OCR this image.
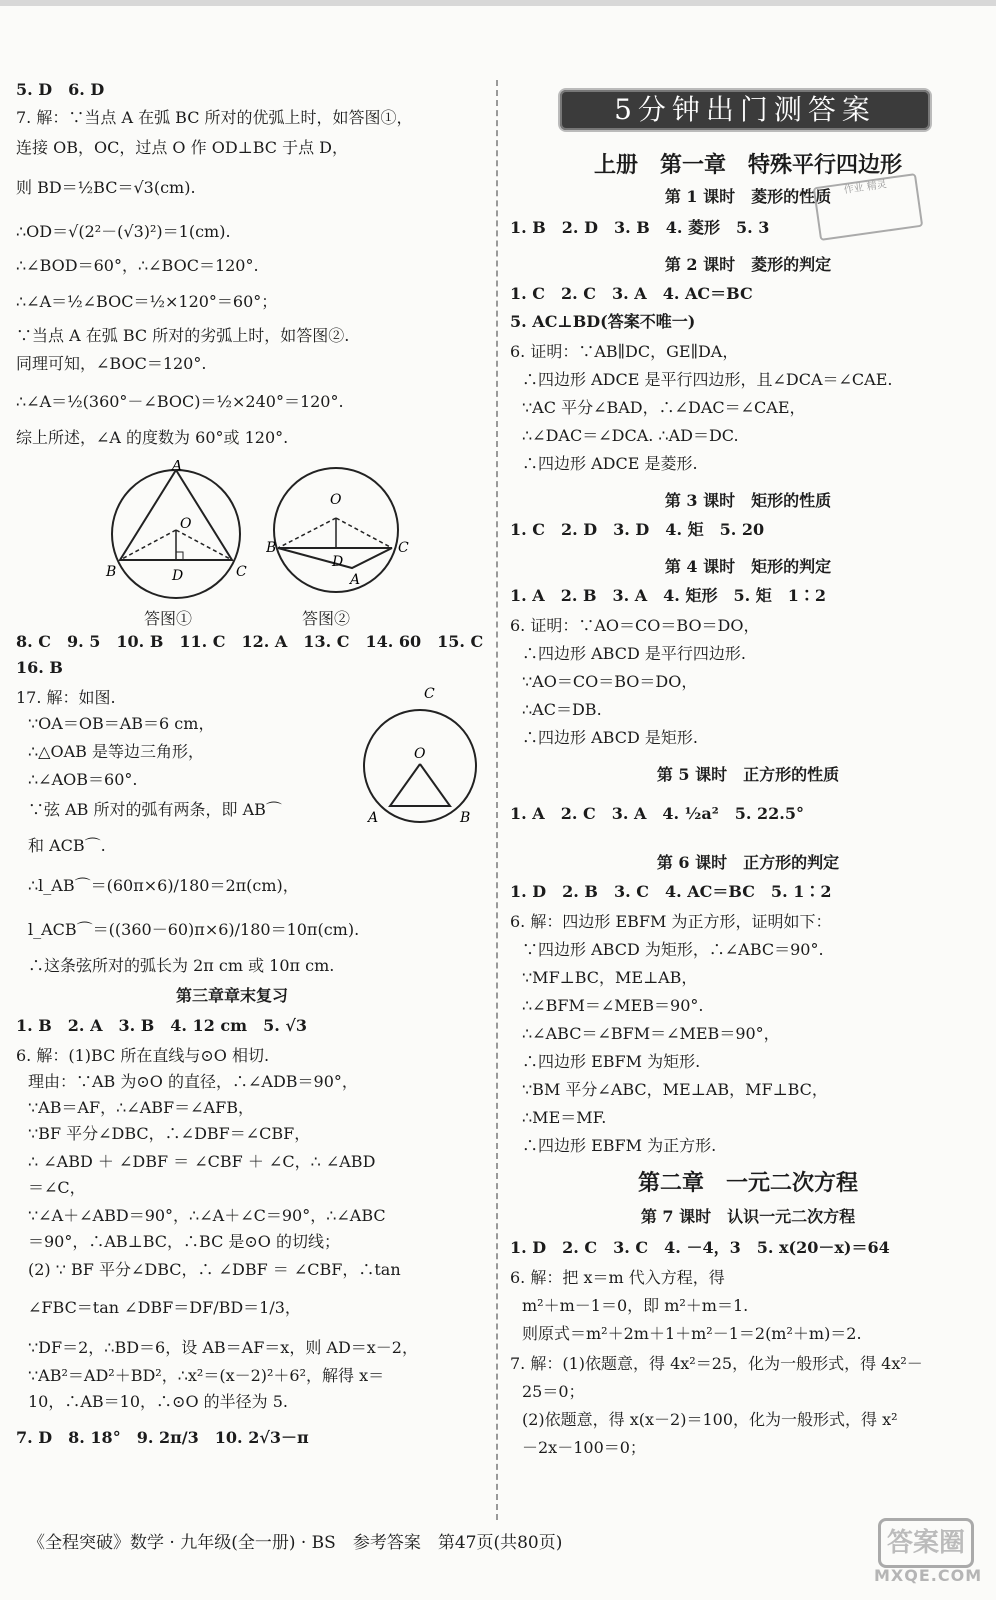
5. D　6. D
7. 解：∵当点 A 在弧 BC 所对的优弧上时，如答图①，
连接 OB，OC，过点 O 作 OD⊥BC 于点 D，
则 BD＝½BC＝√3(cm).
∴OD＝√(2²－(√3)²)＝1(cm).
∴∠BOD＝60°，∴∠BOC＝120°.
∴∠A＝½∠BOC＝½×120°＝60°；
∵当点 A 在弧 BC 所对的劣弧上时，如答图②.
同理可知，∠BOC＝120°.
∴∠A＝½(360°－∠BOC)＝½×240°＝120°.
综上所述，∠A 的度数为 60°或 120°.
A
B	C
O
D
答图①
O
B	C
D
A
答图②
8. C　9. 5　10. B　11. C　12. A　13. C　14. 60　15. C
16. B
17. 解：如图.
∵OA＝OB＝AB＝6 cm，
∴△OAB 是等边三角形，
∴∠AOB＝60°.
∵弦 AB 所对的弧有两条，即 AB⌒
和 ACB⌒.
∴l_AB⌒＝(60π×6)/180＝2π(cm)，
l_ACB⌒＝((360－60)π×6)/180＝10π(cm).
∴这条弦所对的弧长为 2π cm 或 10π cm.
C
O
A	B
第三章章末复习
1. B　2. A　3. B　4. 12 cm　5. √3
6. 解：(1)BC 所在直线与⊙O 相切.
理由：∵AB 为⊙O 的直径，∴∠ADB＝90°，
∵AB＝AF，∴∠ABF＝∠AFB，
∵BF 平分∠DBC，∴∠DBF＝∠CBF，
∴ ∠ABD ＋ ∠DBF ＝ ∠CBF ＋ ∠C，∴ ∠ABD
＝∠C，
∵∠A＋∠ABD＝90°，∴∠A＋∠C＝90°，∴∠ABC
＝90°，∴AB⊥BC，∴BC 是⊙O 的切线；
(2) ∵ BF 平分∠DBC，∴ ∠DBF ＝ ∠CBF，∴tan
∠FBC＝tan ∠DBF＝DF/BD＝1/3，
∵DF＝2，∴BD＝6，设 AB＝AF＝x，则 AD＝x－2，
∵AB²＝AD²＋BD²，∴x²＝(x－2)²＋6²，解得 x＝
10，∴AB＝10，∴⊙O 的半径为 5.
7. D　8. 18°　9. 2π/3　10. 2√3－π
5分钟出门测答案
上册　第一章　特殊平行四边形
第 1 课时　菱形的性质
1. B　2. D　3. B　4. 菱形　5. 3
第 2 课时　菱形的判定
1. C　2. C　3. A　4. AC＝BC
5. AC⊥BD(答案不唯一)
6. 证明：∵AB∥DC，GE∥DA，
∴四边形 ADCE 是平行四边形，且∠DCA＝∠CAE.
∵AC 平分∠BAD，∴∠DAC＝∠CAE，
∴∠DAC＝∠DCA. ∴AD＝DC.
∴四边形 ADCE 是菱形.
第 3 课时　矩形的性质
1. C　2. D　3. D　4. 矩　5. 20
第 4 课时　矩形的判定
1. A　2. B　3. A　4. 矩形　5. 矩　1∶2
6. 证明：∵AO＝CO＝BO＝DO，
∴四边形 ABCD 是平行四边形.
∵AO＝CO＝BO＝DO，
∴AC＝DB.
∴四边形 ABCD 是矩形.
第 5 课时　正方形的性质
1. A　2. C　3. A　4. ½a²　5. 22.5°
第 6 课时　正方形的判定
1. D　2. B　3. C　4. AC＝BC　5. 1∶2
6. 解：四边形 EBFM 为正方形，证明如下：
∵四边形 ABCD 为矩形，∴∠ABC＝90°.
∵MF⊥BC，ME⊥AB，
∴∠BFM＝∠MEB＝90°.
∴∠ABC＝∠BFM＝∠MEB＝90°，
∴四边形 EBFM 为矩形.
∵BM 平分∠ABC，ME⊥AB，MF⊥BC，
∴ME＝MF.
∴四边形 EBFM 为正方形.
第二章　一元二次方程
第 7 课时　认识一元二次方程
1. D　2. C　3. C　4. －4，3　5. x(20－x)＝64
6. 解：把 x＝m 代入方程，得
m²＋m－1＝0，即 m²＋m＝1.
则原式＝m²＋2m＋1＋m²－1＝2(m²＋m)＝2.
7. 解：(1)依题意，得 4x²＝25，化为一般形式，得 4x²－
25＝0；
(2)依题意，得 x(x－2)＝100，化为一般形式，得 x²
－2x－100＝0；
作业 精灵
《全程突破》数学 · 九年级(全一册) · BS　参考答案　第47页(共80页)	答案圈
MXQE.COM
